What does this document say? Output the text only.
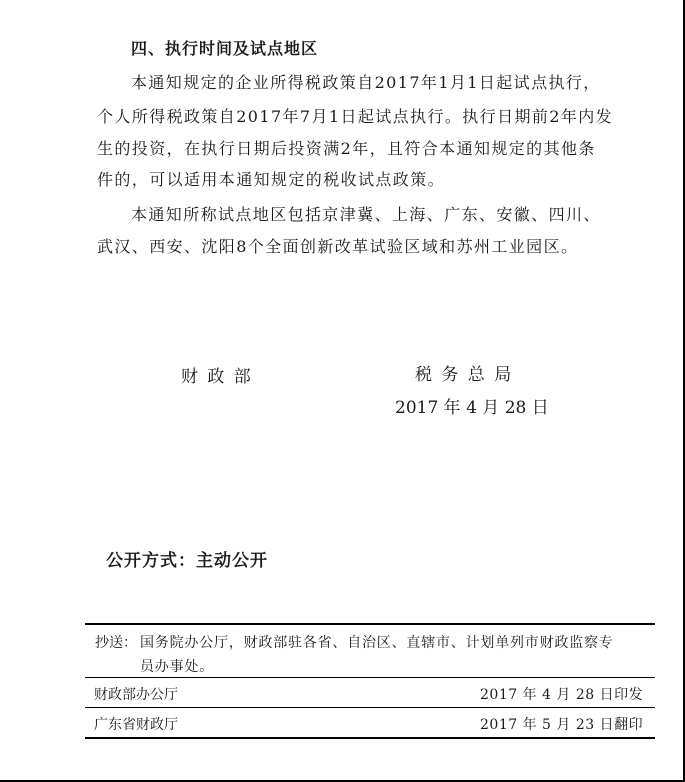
四、执行时间及试点地区
本通知规定的企业所得税政策自2017年1月1日起试点执行，
个人所得税政策自2017年7月1日起试点执行。执行日期前2年内发
生的投资，在执行日期后投资满2年，且符合本通知规定的其他条
件的，可以适用本通知规定的税收试点政策。
本通知所称试点地区包括京津冀、上海、广东、安徽、四川、
武汉、西安、沈阳8个全面创新改革试验区域和苏州工业园区。
财 政 部	税 务 总 局
2017 年 4 月 28 日
公开方式：主动公开
抄送： 国务院办公厅，财政部驻各省、自治区、直辖市、计划单列市财政监察专
员办事处。
财政部办公厅	2017 年 4 月 28 日印发
广东省财政厅	2017 年 5 月 23 日翻印
